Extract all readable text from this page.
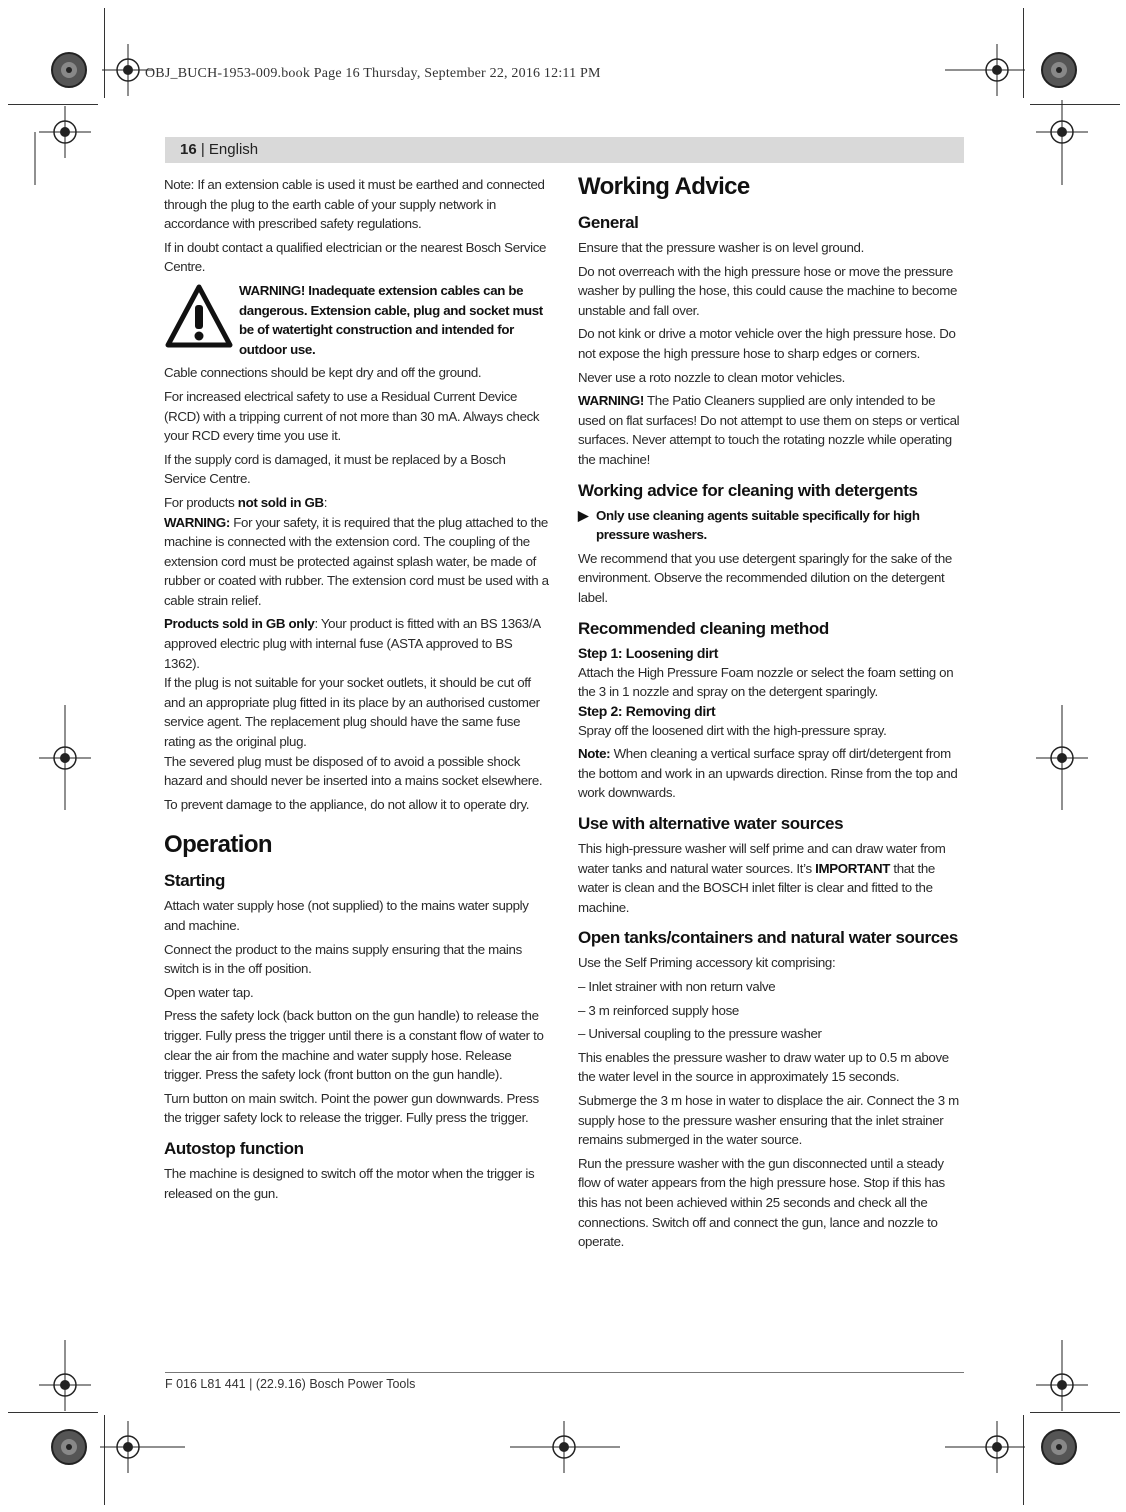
OBJ_BUCH-1953-009.book Page 16 Thursday, September 22, 2016 12:11 PM
16 | English

Note: If an extension cable is used it must be earthed and connected through the plug to the earth cable of your supply network in accordance with prescribed safety regulations.

If in doubt contact a qualified electrician or the nearest Bosch Service Centre.

WARNING! Inadequate extension cables can be dangerous. Extension cable, plug and socket must be of watertight construction and intended for outdoor use.

Cable connections should be kept dry and off the ground.

For increased electrical safety to use a Residual Current Device (RCD) with a tripping current of not more than 30 mA. Always check your RCD every time you use it.

If the supply cord is damaged, it must be replaced by a Bosch Service Centre.

For products not sold in GB:

WARNING: For your safety, it is required that the plug attached to the machine is connected with the extension cord. The coupling of the extension cord must be protected against splash water, be made of rubber or coated with rubber. The extension cord must be used with a cable strain relief.

Products sold in GB only: Your product is fitted with an BS 1363/A approved electric plug with internal fuse (ASTA approved to BS 1362).

If the plug is not suitable for your socket outlets, it should be cut off and an appropriate plug fitted in its place by an authorised customer service agent. The replacement plug should have the same fuse rating as the original plug.

The severed plug must be disposed of to avoid a possible shock hazard and should never be inserted into a mains socket elsewhere.

To prevent damage to the appliance, do not allow it to operate dry.

Operation
Starting

Attach water supply hose (not supplied) to the mains water supply and machine.

Connect the product to the mains supply ensuring that the mains switch is in the off position.

Open water tap.

Press the safety lock (back button on the gun handle) to release the trigger. Fully press the trigger until there is a constant flow of water to clear the air from the machine and water supply hose. Release trigger. Press the safety lock (front button on the gun handle).

Turn button on main switch. Point the power gun downwards. Press the trigger safety lock to release the trigger. Fully press the trigger.

Autostop function

The machine is designed to switch off the motor when the trigger is released on the gun.

Working Advice
General

Ensure that the pressure washer is on level ground.

Do not overreach with the high pressure hose or move the pressure washer by pulling the hose, this could cause the machine to become unstable and fall over.

Do not kink or drive a motor vehicle over the high pressure hose. Do not expose the high pressure hose to sharp edges or corners.

Never use a roto nozzle to clean motor vehicles.

WARNING! The Patio Cleaners supplied are only intended to be used on flat surfaces! Do not attempt to use them on steps or vertical surfaces. Never attempt to touch the rotating nozzle while operating the machine!

Working advice for cleaning with detergents
▶ Only use cleaning agents suitable specifically for high pressure washers.

We recommend that you use detergent sparingly for the sake of the environment. Observe the recommended dilution on the detergent label.

Recommended cleaning method
Step 1: Loosening dirt

Attach the High Pressure Foam nozzle or select the foam setting on the 3 in 1 nozzle and spray on the detergent sparingly.

Step 2: Removing dirt

Spray off the loosened dirt with the high-pressure spray.

Note: When cleaning a vertical surface spray off dirt/detergent from the bottom and work in an upwards direction. Rinse from the top and work downwards.

Use with alternative water sources

This high-pressure washer will self prime and can draw water from water tanks and natural water sources. It’s IMPORTANT that the water is clean and the BOSCH inlet filter is clear and fitted to the machine.

Open tanks/containers and natural water sources

Use the Self Priming accessory kit comprising:

– Inlet strainer with non return valve

– 3 m reinforced supply hose

– Universal coupling to the pressure washer

This enables the pressure washer to draw water up to 0.5 m above the water level in the source in approximately 15 seconds.

Submerge the 3 m hose in water to displace the air. Connect the 3 m supply hose to the pressure washer ensuring that the inlet strainer remains submerged in the water source.

Run the pressure washer with the gun disconnected until a steady flow of water appears from the high pressure hose. Stop if this has this has not been achieved within 25 seconds and check all the connections. Switch off and connect the gun, lance and nozzle to operate.

F 016 L81 441 | (22.9.16) Bosch Power Tools
